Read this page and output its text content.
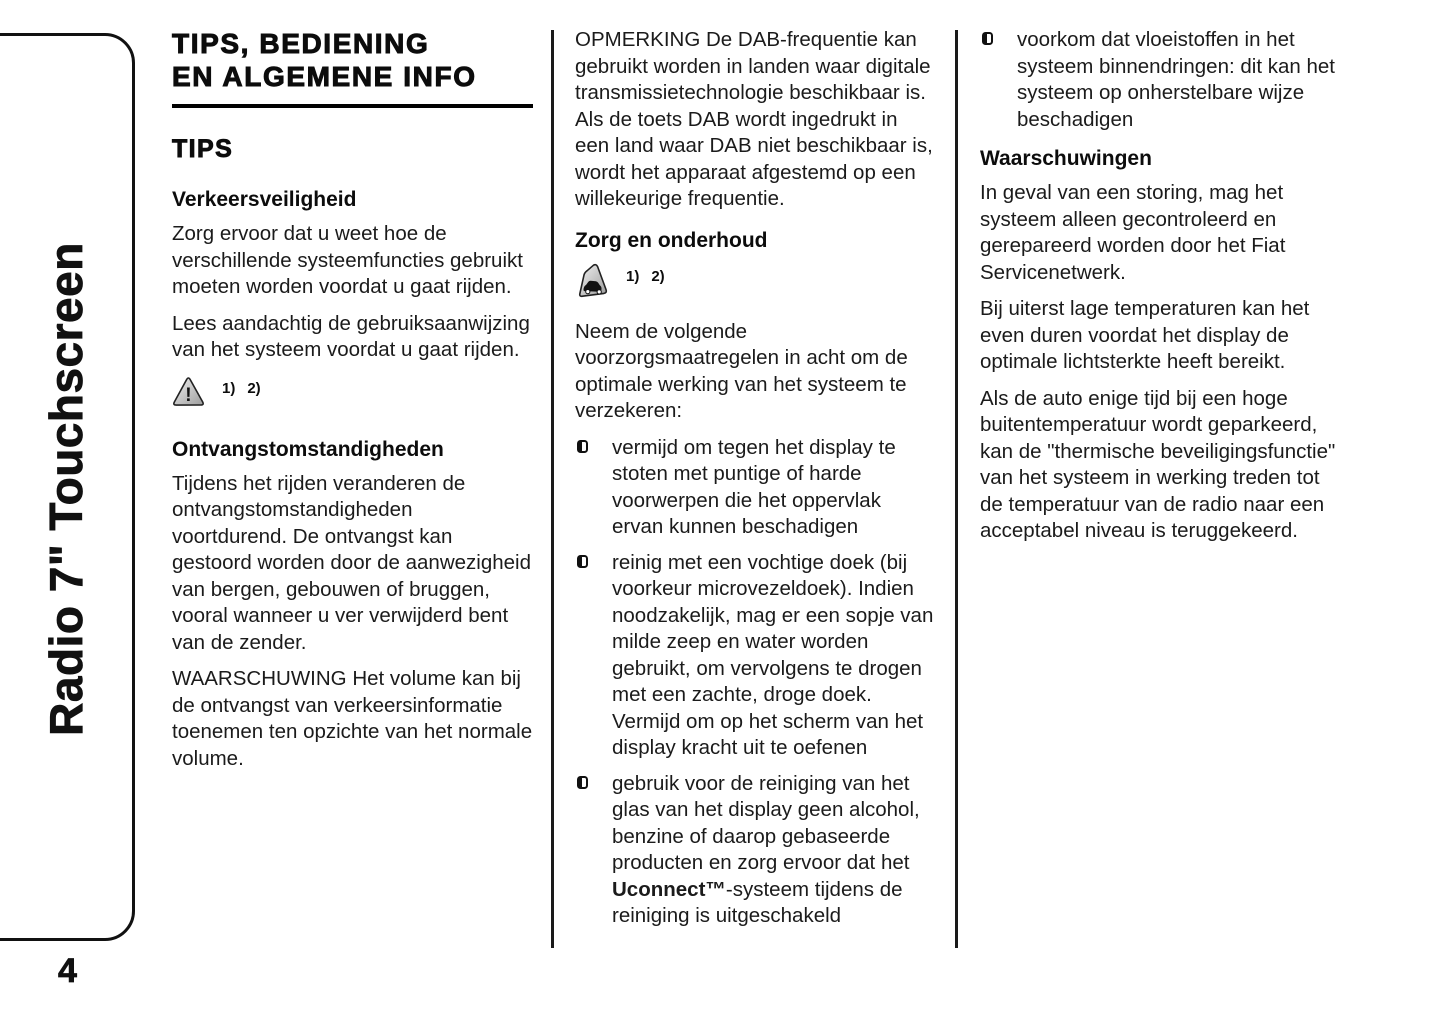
Radio 7" Touchscreen
4
TIPS, BEDIENING
EN ALGEMENE INFO
TIPS
Verkeersveiligheid

Zorg ervoor dat u weet hoe de verschillende systeemfuncties gebruikt moeten worden voordat u gaat rijden.

Lees aandachtig de gebruiksaanwijzing van het systeem voordat u gaat rijden.

! 1) 2)
Ontvangstomstandigheden

Tijdens het rijden veranderen de ontvangstomstandigheden voortdurend. De ontvangst kan gestoord worden door de aanwezigheid van bergen, gebouwen of bruggen, vooral wanneer u ver verwijderd bent van de zender.

WAARSCHUWING Het volume kan bij de ontvangst van verkeersinformatie toenemen ten opzichte van het normale volume.

OPMERKING De DAB-frequentie kan gebruikt worden in landen waar digitale transmissietechnologie beschikbaar is. Als de toets DAB wordt ingedrukt in een land waar DAB niet beschikbaar is, wordt het apparaat afgestemd op een willekeurige frequentie.

Zorg en onderhoud
1) 2)

Neem de volgende voorzorgsmaatregelen in acht om de optimale werking van het systeem te verzekeren:

vermijd om tegen het display te stoten met puntige of harde voorwerpen die het oppervlak ervan kunnen beschadigen
reinig met een vochtige doek (bij voorkeur microvezeldoek). Indien noodzakelijk, mag er een sopje van milde zeep en water worden gebruikt, om vervolgens te drogen met een zachte, droge doek. Vermijd om op het scherm van het display kracht uit te oefenen
gebruik voor de reiniging van het glas van het display geen alcohol, benzine of daarop gebaseerde producten en zorg ervoor dat het Uconnect™-systeem tijdens de reiniging is uitgeschakeld
voorkom dat vloeistoffen in het systeem binnendringen: dit kan het systeem op onherstelbare wijze beschadigen
Waarschuwingen

In geval van een storing, mag het systeem alleen gecontroleerd en gerepareerd worden door het Fiat Servicenetwerk.

Bij uiterst lage temperaturen kan het even duren voordat het display de optimale lichtsterkte heeft bereikt.

Als de auto enige tijd bij een hoge buitentemperatuur wordt geparkeerd, kan de "thermische beveiligingsfunctie" van het systeem in werking treden tot de temperatuur van de radio naar een acceptabel niveau is teruggekeerd.
